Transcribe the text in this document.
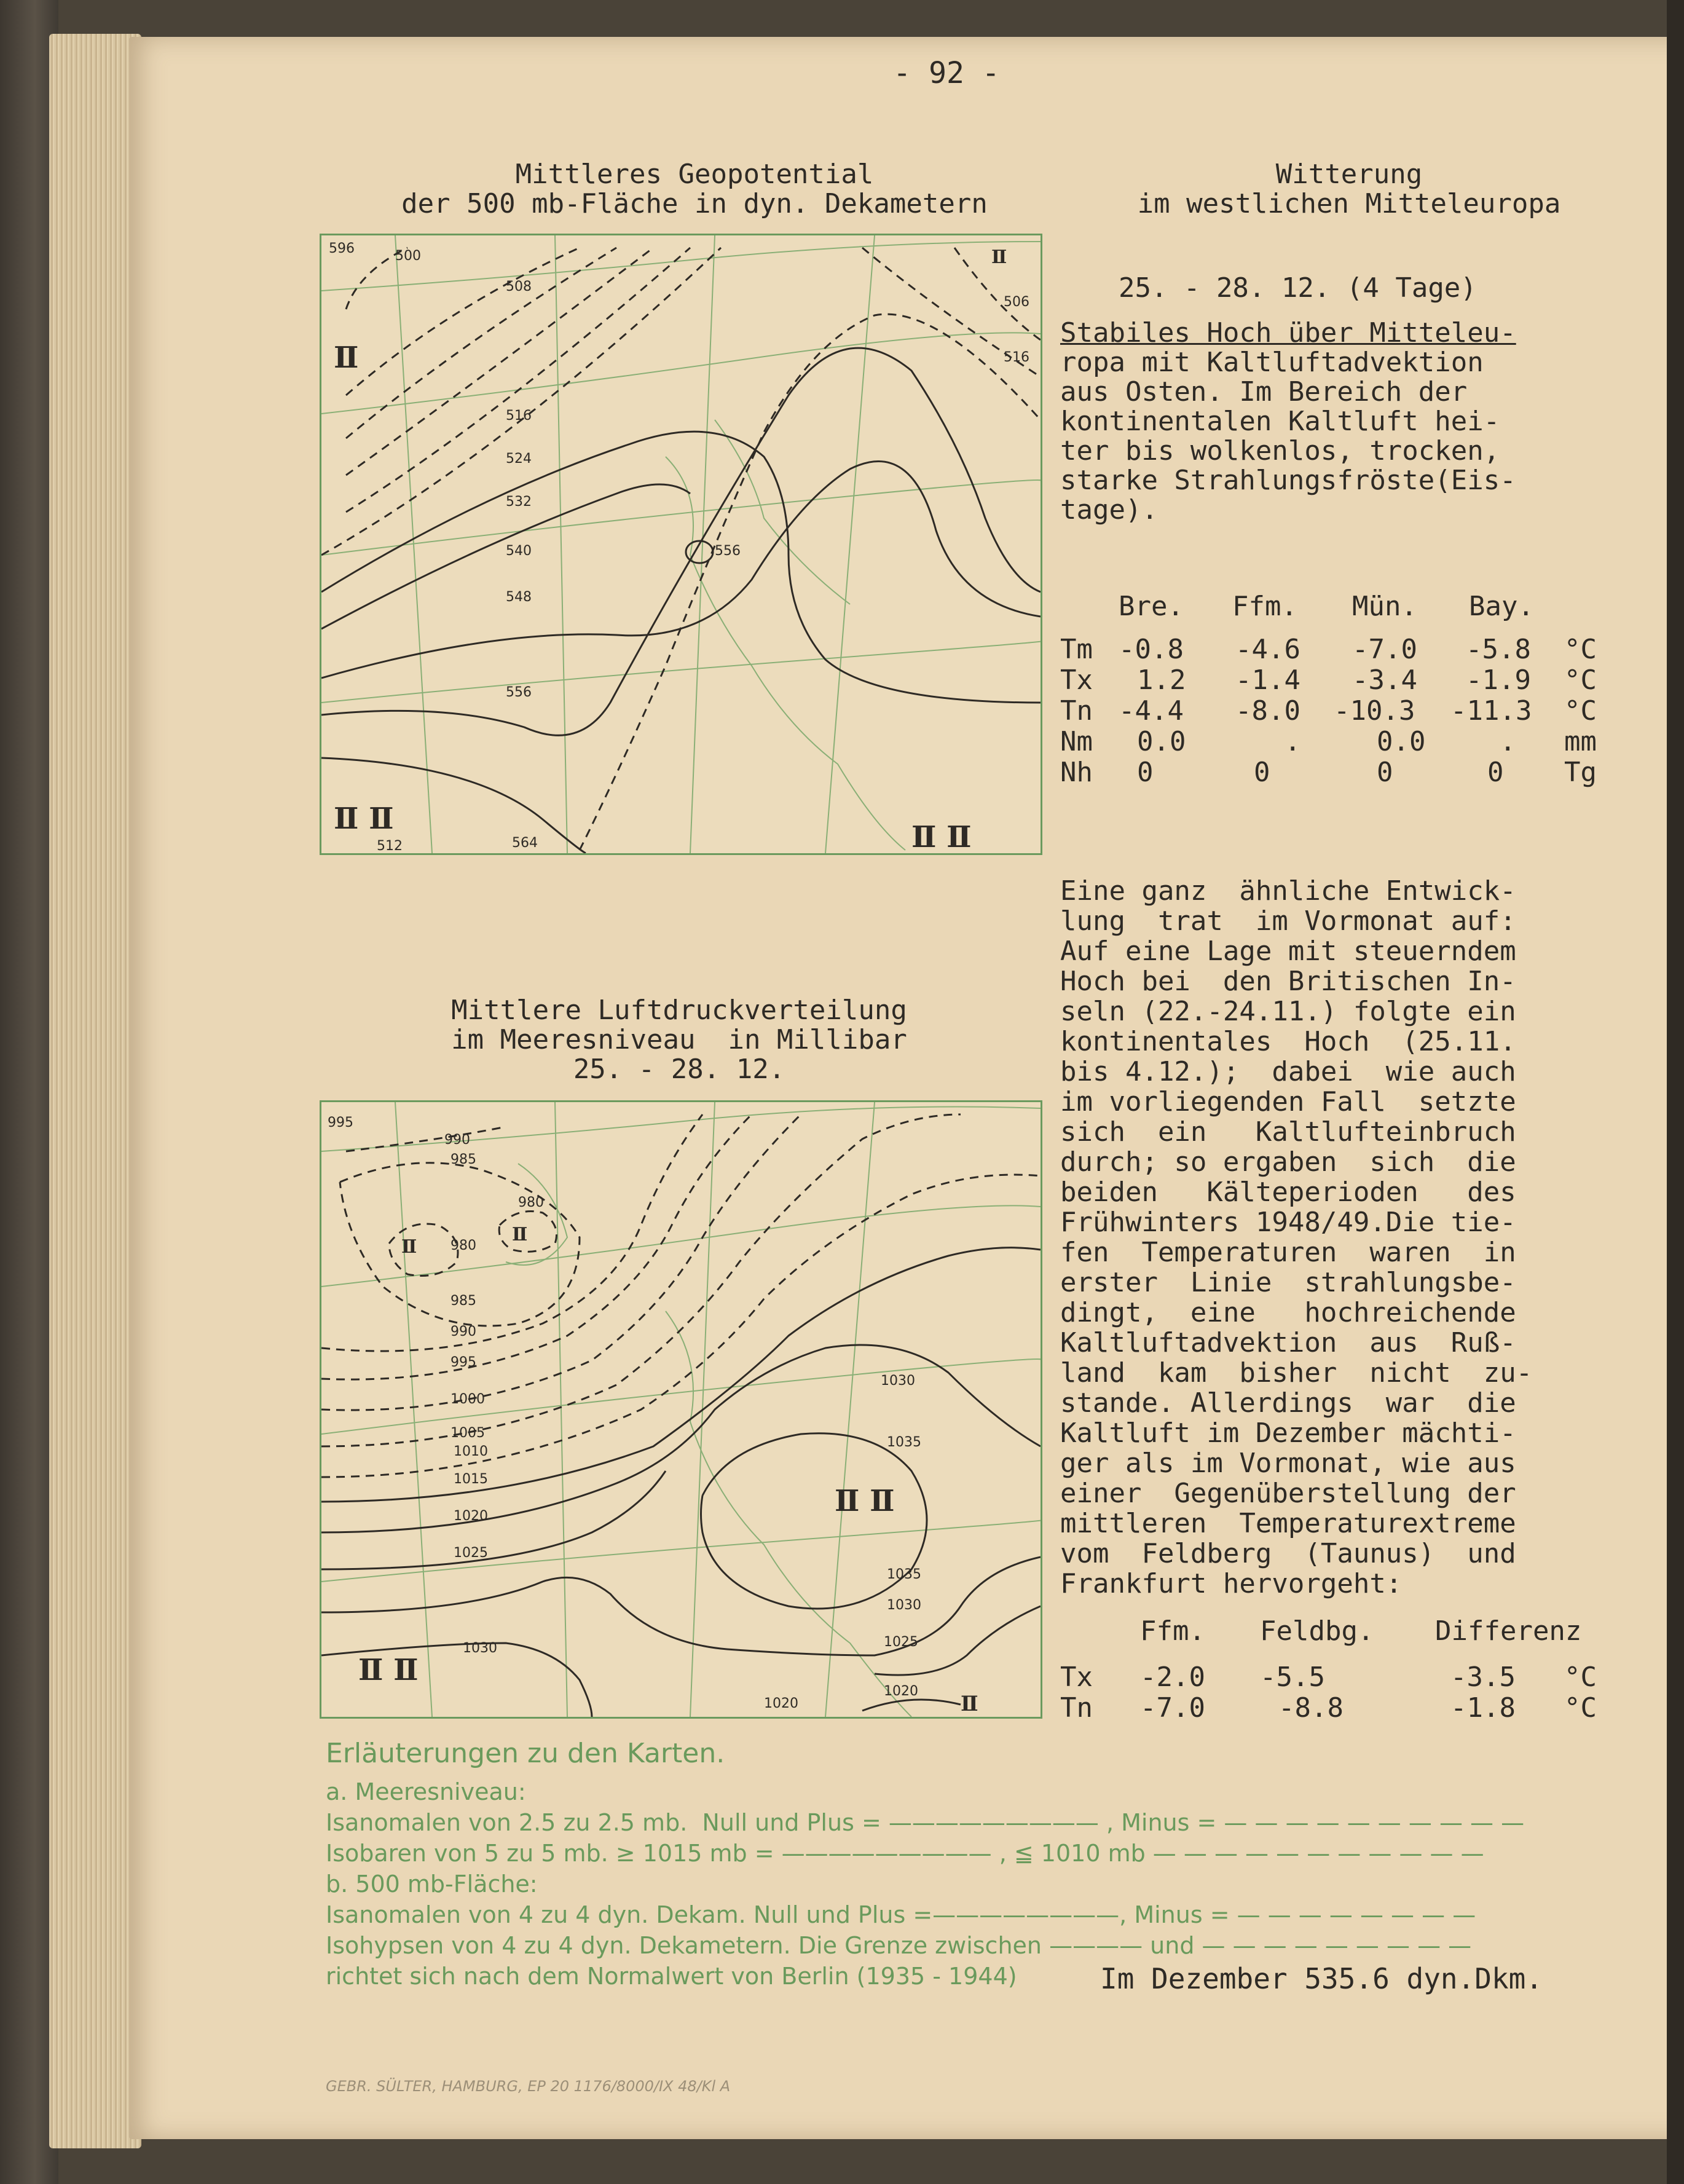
- 92 -
Mittleres Geopotential
der 500 mb-Fläche in dyn. Dekametern
Witterung
im westlichen Mitteleuropa
25. - 28. 12. (4 Tage)
596	500
508
506
516
516
524
532
540
548
556
556
564
512
Ⅱ
Ⅱ Ⅱ
Ⅱ Ⅱ
Ⅱ
Stabiles Hoch über Mitteleu-
ropa mit Kaltluftadvektion
aus Osten. Im Bereich der
kontinentalen Kaltluft hei-
ter bis wolkenlos, trocken,
starke Strahlungsfröste(Eis-
tage).
Bre. Ffm. Mün. Bay.
Tm -0.8 -4.6 -7.0 -5.8 °C
Tx 1.2 -1.4 -3.4 -1.9 °C
Tn -4.4 -8.0 -10.3 -11.3 °C
Nm 0.0	.	0.0	. mm
Nh 0	0	0	0 Tg
Mittlere Luftdruckverteilung
im Meeresniveau  in Millibar
25. - 28. 12.
995
990
985
980
980
985
990
995
1000
1005
1010
1015
1020
1025
1030
1035
1035
1030
1025
1020
1030
1020
Ⅱ
Ⅱ
Ⅱ Ⅱ
Ⅱ Ⅱ
Ⅱ
Eine ganz  ähnliche Entwick-
lung  trat  im Vormonat auf:
Auf eine Lage mit steuerndem
Hoch bei  den Britischen In-
seln (22.-24.11.) folgte ein
kontinentales  Hoch  (25.11.
bis 4.12.);  dabei  wie auch
im vorliegenden Fall  setzte
sich  ein   Kaltlufteinbruch
durch; so ergaben  sich  die
beiden   Kälteperioden   des
Frühwinters 1948/49.Die tie-
fen  Temperaturen  waren  in
erster  Linie  strahlungsbe-
dingt,  eine   hochreichende
Kaltluftadvektion  aus  Ruß-
land  kam  bisher  nicht  zu-
stande. Allerdings  war  die
Kaltluft im Dezember mächti-
ger als im Vormonat, wie aus
einer  Gegenüberstellung der
mittleren  Temperaturextreme
vom  Feldberg  (Taunus)  und
Frankfurt hervorgeht:
Ffm. Feldbg. Differenz
Tx -2.0 -5.5	-3.5 °C
Tn -7.0	-8.8	-1.8 °C
Erläuterungen zu den Karten.
a. Meeresniveau:
Isanomalen von 2.5 zu 2.5 mb.  Null und Plus = ————————— , Minus = — — — — — — — — — —
Isobaren von 5 zu 5 mb. ≥ 1015 mb = ————————— , ≦ 1010 mb — — — — — — — — — — —
b. 500 mb-Fläche:
Isanomalen von 4 zu 4 dyn. Dekam. Null und Plus =————————, Minus = — — — — — — — —
Isohypsen von 4 zu 4 dyn. Dekametern. Die Grenze zwischen ———— und — — — — — — — — —
richtet sich nach dem Normalwert von Berlin (1935 - 1944)	Im Dezember 535.6 dyn.Dkm.
GEBR. SÜLTER, HAMBURG, EP 20 1176/8000/IX 48/Kl A
